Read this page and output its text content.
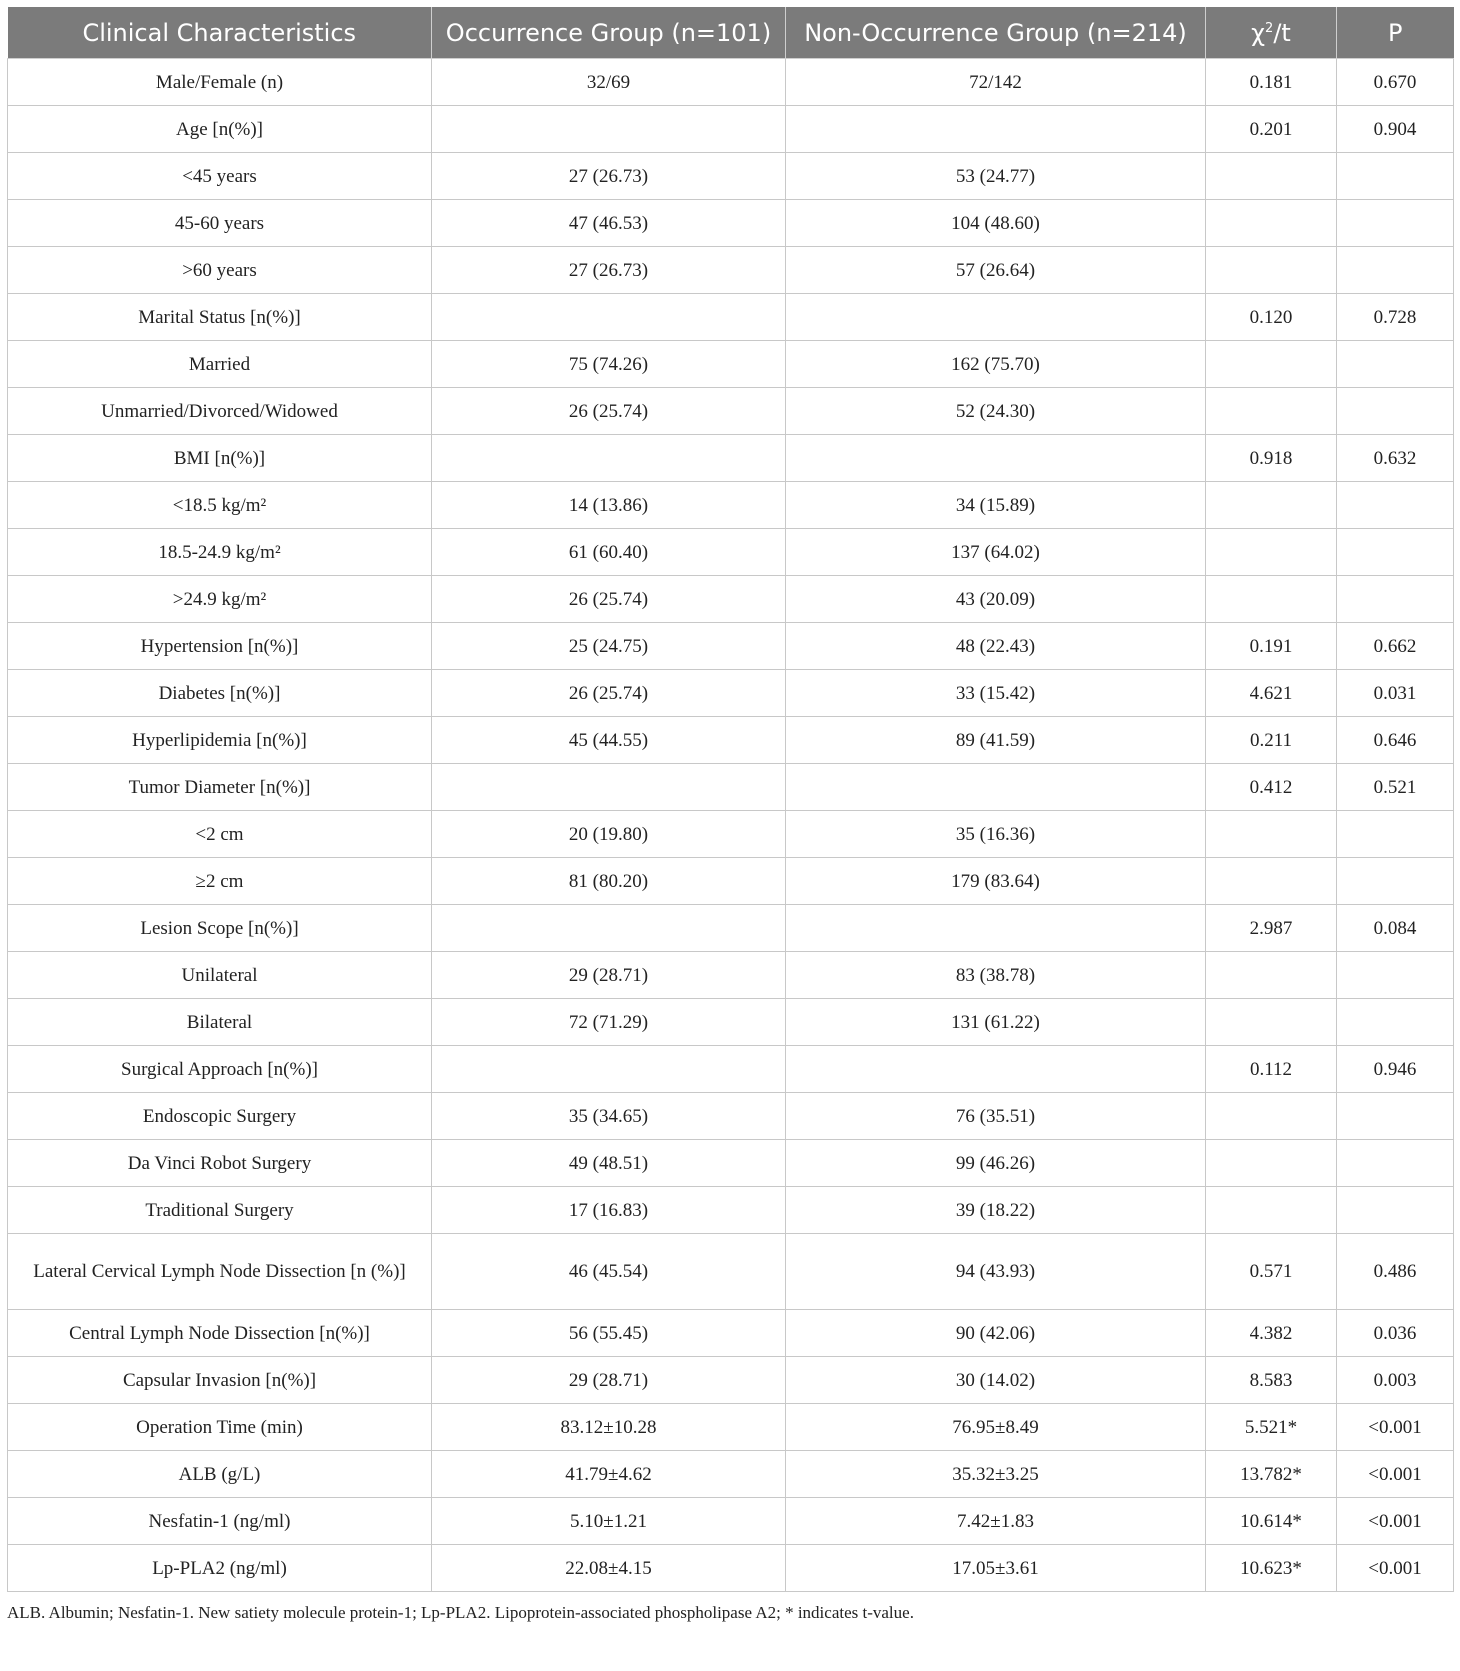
Clinical Characteristics	Occurrence Group (n=101)	Non-Occurrence Group (n=214)	$\chi^2/t$	P
Male/Female (n)	32/69	72/142	0.181	0.670
Age [n(%)]			0.201	0.904
<45 years	27 (26.73)	53 (24.77)		
45-60 years	47 (46.53)	104 (48.60)		
>60 years	27 (26.73)	57 (26.64)		
Marital Status [n(%)]			0.120	0.728
Married	75 (74.26)	162 (75.70)		
Unmarried/Divorced/Widowed	26 (25.74)	52 (24.30)		
BMI [n(%)]			0.918	0.632
<18.5 kg/m²	14 (13.86)	34 (15.89)		
18.5-24.9 kg/m²	61 (60.40)	137 (64.02)		
>24.9 kg/m²	26 (25.74)	43 (20.09)		
Hypertension [n(%)]	25 (24.75)	48 (22.43)	0.191	0.662
Diabetes [n(%)]	26 (25.74)	33 (15.42)	4.621	0.031
Hyperlipidemia [n(%)]	45 (44.55)	89 (41.59)	0.211	0.646
Tumor Diameter [n(%)]			0.412	0.521
<2 cm	20 (19.80)	35 (16.36)		
≥2 cm	81 (80.20)	179 (83.64)		
Lesion Scope [n(%)]			2.987	0.084
Unilateral	29 (28.71)	83 (38.78)		
Bilateral	72 (71.29)	131 (61.22)		
Surgical Approach [n(%)]			0.112	0.946
Endoscopic Surgery	35 (34.65)	76 (35.51)		
Da Vinci Robot Surgery	49 (48.51)	99 (46.26)		
Traditional Surgery	17 (16.83)	39 (18.22)		
Lateral Cervical Lymph Node Dissection [n (%)]	46 (45.54)	94 (43.93)	0.571	0.486
Central Lymph Node Dissection [n(%)]	56 (55.45)	90 (42.06)	4.382	0.036
Capsular Invasion [n(%)]	29 (28.71)	30 (14.02)	8.583	0.003
Operation Time (min)	83.12±10.28	76.95±8.49	5.521*	<0.001
ALB (g/L)	41.79±4.62	35.32±3.25	13.782*	<0.001
Nesfatin-1 (ng/ml)	5.10±1.21	7.42±1.83	10.614*	<0.001
Lp-PLA2 (ng/ml)	22.08±4.15	17.05±3.61	10.623*	<0.001
ALB. Albumin; Nesfatin-1. New satiety molecule protein-1; Lp-PLA2. Lipoprotein-associated phospholipase A2; * indicates t-value.
